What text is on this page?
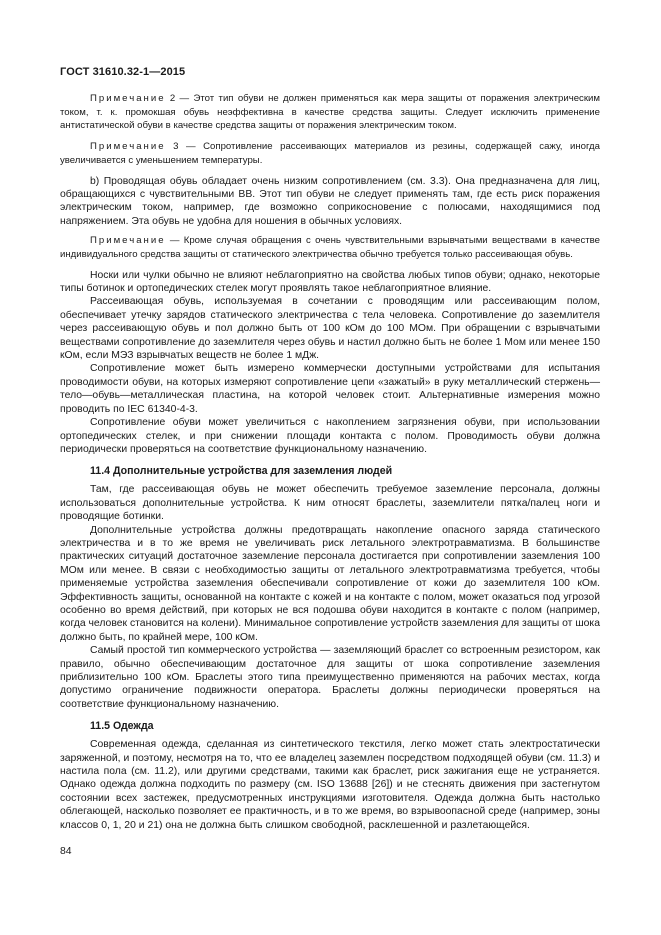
ГОСТ 31610.32-1—2015

Примечание 2 — Этот тип обуви не должен применяться как мера защиты от поражения электрическим током, т. к. промокшая обувь неэффективна в качестве средства защиты. Следует исключить применение антистатической обуви в качестве средства защиты от поражения электрическим током.

Примечание 3 — Сопротивление рассеивающих материалов из резины, содержащей сажу, иногда увеличивается с уменьшением температуры.

b) Проводящая обувь обладает очень низким сопротивлением (см. 3.3). Она предназначена для лиц, обращающихся с чувствительными ВВ. Этот тип обуви не следует применять там, где есть риск поражения электрическим током, например, где возможно соприкосновение с полюсами, находящимися под напряжением. Эта обувь не удобна для ношения в обычных условиях.

Примечание — Кроме случая обращения с очень чувствительными взрывчатыми веществами в качестве индивидуального средства защиты от статического электричества обычно требуется только рассеивающая обувь.

Носки или чулки обычно не влияют неблагоприятно на свойства любых типов обуви; однако, некоторые типы ботинок и ортопедических стелек могут проявлять такое неблагоприятное влияние.

Рассеивающая обувь, используемая в сочетании с проводящим или рассеивающим полом, обеспечивает утечку зарядов статического электричества с тела человека. Сопротивление до заземлителя через рассеивающую обувь и пол должно быть от 100 кОм до 100 МОм. При обращении с взрывчатыми веществами сопротивление до заземлителя через обувь и настил должно быть не более 1 Мом или менее 150 кОм, если МЭЗ взрывчатых веществ не более 1 мДж.

Сопротивление может быть измерено коммерчески доступными устройствами для испытания проводимости обуви, на которых измеряют сопротивление цепи «зажатый» в руку металлический стержень—тело—обувь—металлическая пластина, на которой человек стоит. Альтернативные измерения можно проводить по IEC 61340-4-3.

Сопротивление обуви может увеличиться с накоплением загрязнения обуви, при использовании ортопедических стелек, и при снижении площади контакта с полом. Проводимость обуви должна периодически проверяться на соответствие функциональному назначению.

11.4 Дополнительные устройства для заземления людей

Там, где рассеивающая обувь не может обеспечить требуемое заземление персонала, должны использоваться дополнительные устройства. К ним относят браслеты, заземлители пятка/палец ноги и проводящие ботинки.

Дополнительные устройства должны предотвращать накопление опасного заряда статического электричества и в то же время не увеличивать риск летального электротравматизма. В большинстве практических ситуаций достаточное заземление персонала достигается при сопротивлении заземления 100 МОм или менее. В связи с необходимостью защиты от летального электротравматизма требуется, чтобы применяемые устройства заземления обеспечивали сопротивление от кожи до заземлителя 100 кОм. Эффективность защиты, основанной на контакте с кожей и на контакте с полом, может оказаться под угрозой особенно во время действий, при которых не вся подошва обуви находится в контакте с полом (например, когда человек становится на колени). Минимальное сопротивление устройств заземления для защиты от шока должно быть, по крайней мере, 100 кОм.

Самый простой тип коммерческого устройства — заземляющий браслет со встроенным резистором, как правило, обычно обеспечивающим достаточное для защиты от шока сопротивление заземления приблизительно 100 кОм. Браслеты этого типа преимущественно применяются на рабочих местах, когда допустимо ограничение подвижности оператора. Браслеты должны периодически проверяться на соответствие функциональному назначению.

11.5 Одежда

Современная одежда, сделанная из синтетического текстиля, легко может стать электростатически заряженной, и поэтому, несмотря на то, что ее владелец заземлен посредством подходящей обуви (см. 11.3) и настила пола (см. 11.2), или другими средствами, такими как браслет, риск зажигания еще не устраняется. Однако одежда должна подходить по размеру (см. ISO 13688 [26]) и не стеснять движения при застегнутом состоянии всех застежек, предусмотренных инструкциями изготовителя. Одежда должна быть настолько облегающей, насколько позволяет ее практичность, и в то же время, во взрывоопасной среде (например, зоны классов 0, 1, 20 и 21) она не должна быть слишком свободной, расклешенной и разлетающейся.

84
